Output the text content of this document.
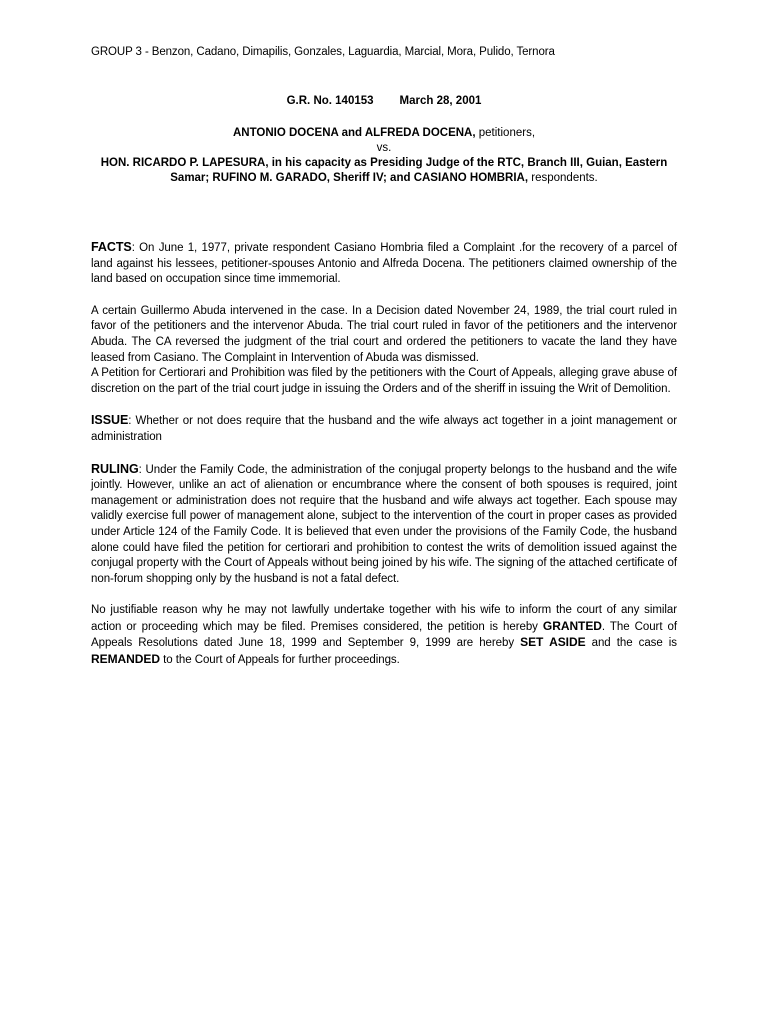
GROUP 3 - Benzon, Cadano, Dimapilis, Gonzales, Laguardia, Marcial, Mora, Pulido, Ternora
G.R. No. 140153 March 28, 2001
ANTONIO DOCENA and ALFREDA DOCENA, petitioners,
vs.
HON. RICARDO P. LAPESURA, in his capacity as Presiding Judge of the RTC, Branch III, Guian, Eastern Samar; RUFINO M. GARADO, Sheriff IV; and CASIANO HOMBRIA, respondents.

FACTS: On June 1, 1977, private respondent Casiano Hombria filed a Complaint .for the recovery of a parcel of land against his lessees, petitioner-spouses Antonio and Alfreda Docena. The petitioners claimed ownership of the land based on occupation since time immemorial.

A certain Guillermo Abuda intervened in the case. In a Decision dated November 24, 1989, the trial court ruled in favor of the petitioners and the intervenor Abuda. The trial court ruled in favor of the petitioners and the intervenor Abuda. The CA reversed the judgment of the trial court and ordered the petitioners to vacate the land they have leased from Casiano. The Complaint in Intervention of Abuda was dismissed.

A Petition for Certiorari and Prohibition was filed by the petitioners with the Court of Appeals, alleging grave abuse of discretion on the part of the trial court judge in issuing the Orders and of the sheriff in issuing the Writ of Demolition.

ISSUE: Whether or not does require that the husband and the wife always act together in a joint management or administration

RULING: Under the Family Code, the administration of the conjugal property belongs to the husband and the wife jointly. However, unlike an act of alienation or encumbrance where the consent of both spouses is required, joint management or administration does not require that the husband and wife always act together. Each spouse may validly exercise full power of management alone, subject to the intervention of the court in proper cases as provided under Article 124 of the Family Code. It is believed that even under the provisions of the Family Code, the husband alone could have filed the petition for certiorari and prohibition to contest the writs of demolition issued against the conjugal property with the Court of Appeals without being joined by his wife. The signing of the attached certificate of non-forum shopping only by the husband is not a fatal defect.

No justifiable reason why he may not lawfully undertake together with his wife to inform the court of any similar action or proceeding which may be filed. Premises considered, the petition is hereby GRANTED. The Court of Appeals Resolutions dated June 18, 1999 and September 9, 1999 are hereby SET ASIDE and the case is REMANDED to the Court of Appeals for further proceedings.
